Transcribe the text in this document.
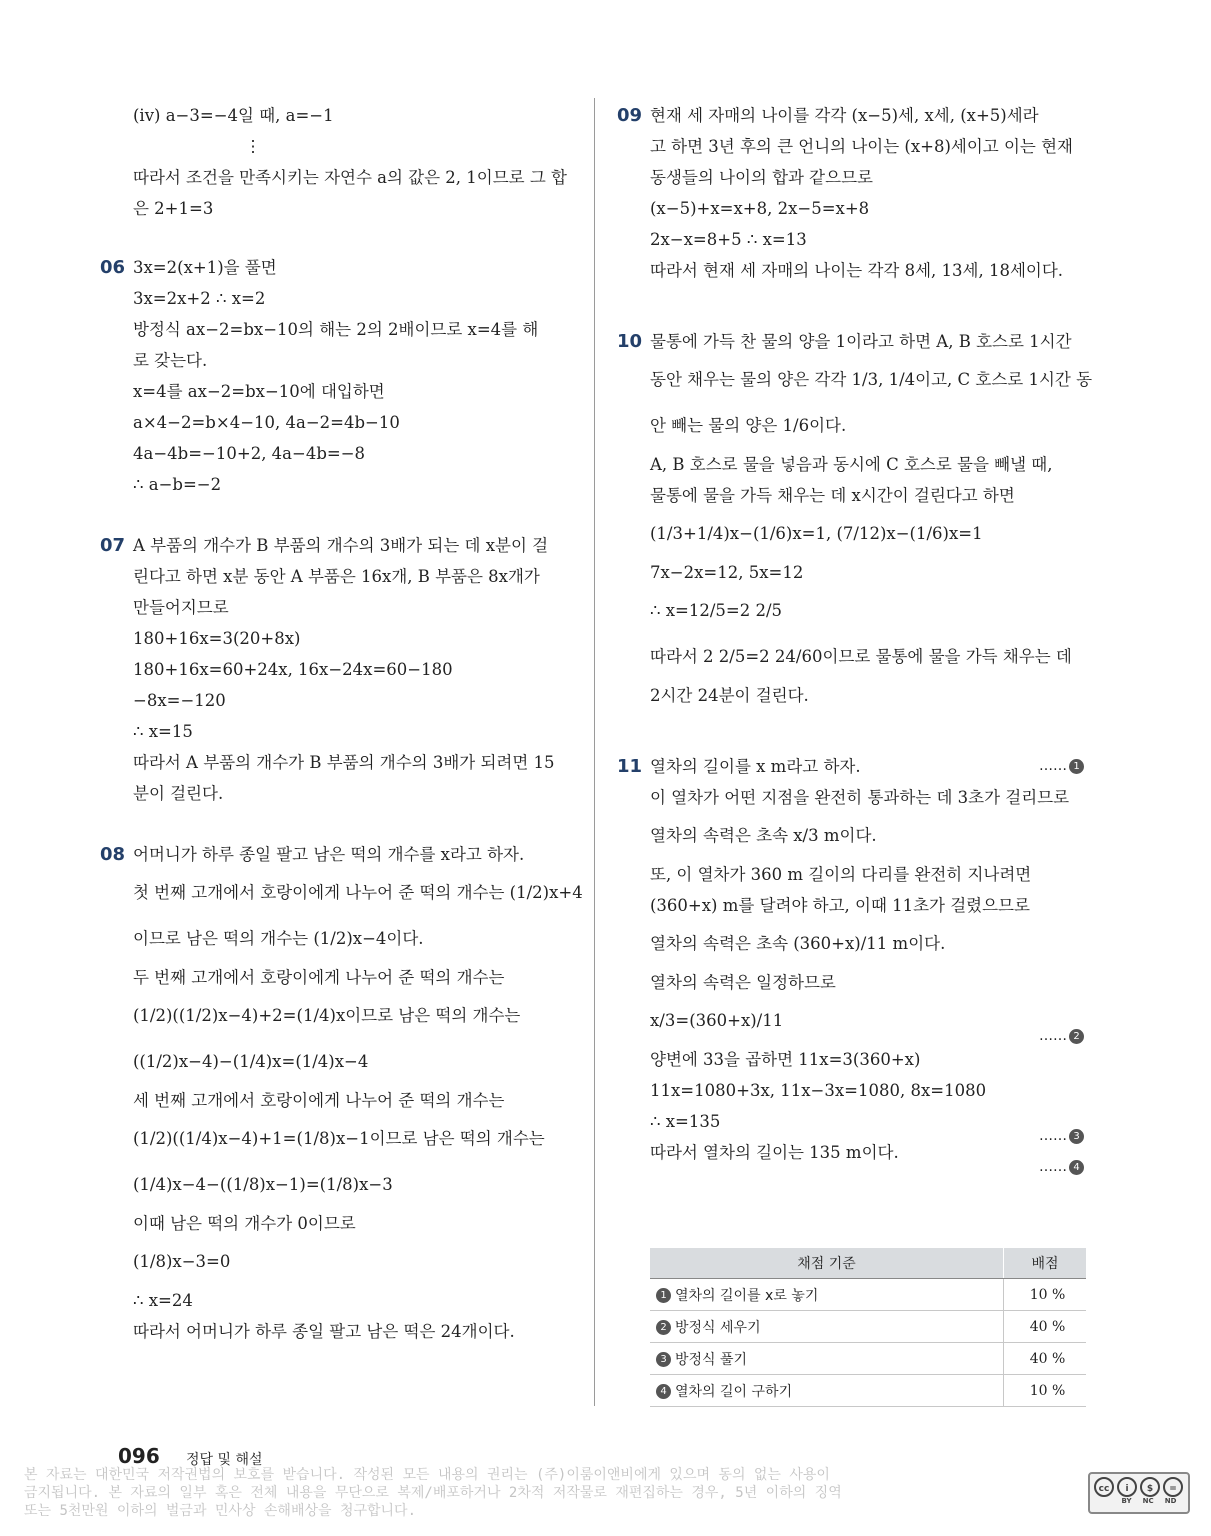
(iv) a−3=−4일 때, a=−1
⋮
따라서 조건을 만족시키는 자연수 a의 값은 2, 1이므로 그 합
은 2+1=3
06 3x=2(x+1)을 풀면
3x=2x+2 ∴ x=2
방정식 ax−2=bx−10의 해는 2의 2배이므로 x=4를 해
로 갖는다.
x=4를 ax−2=bx−10에 대입하면
a×4−2=b×4−10, 4a−2=4b−10
4a−4b=−10+2, 4a−4b=−8
∴ a−b=−2
07 A 부품의 개수가 B 부품의 개수의 3배가 되는 데 x분이 걸
린다고 하면 x분 동안 A 부품은 16x개, B 부품은 8x개가
만들어지므로
180+16x=3(20+8x)
180+16x=60+24x, 16x−24x=60−180
−8x=−120
∴ x=15
따라서 A 부품의 개수가 B 부품의 개수의 3배가 되려면 15
분이 걸린다.
08 어머니가 하루 종일 팔고 남은 떡의 개수를 x라고 하자.
첫 번째 고개에서 호랑이에게 나누어 준 떡의 개수는 (1/2)x+4
이므로 남은 떡의 개수는 (1/2)x−4이다.
두 번째 고개에서 호랑이에게 나누어 준 떡의 개수는
(1/2)((1/2)x−4)+2=(1/4)x이므로 남은 떡의 개수는
((1/2)x−4)−(1/4)x=(1/4)x−4
세 번째 고개에서 호랑이에게 나누어 준 떡의 개수는
(1/2)((1/4)x−4)+1=(1/8)x−1이므로 남은 떡의 개수는
(1/4)x−4−((1/8)x−1)=(1/8)x−3
이때 남은 떡의 개수가 0이므로
(1/8)x−3=0
∴ x=24
따라서 어머니가 하루 종일 팔고 남은 떡은 24개이다.
09 현재 세 자매의 나이를 각각 (x−5)세, x세, (x+5)세라
고 하면 3년 후의 큰 언니의 나이는 (x+8)세이고 이는 현재
동생들의 나이의 합과 같으므로
(x−5)+x=x+8, 2x−5=x+8
2x−x=8+5 ∴ x=13
따라서 현재 세 자매의 나이는 각각 8세, 13세, 18세이다.
10 물통에 가득 찬 물의 양을 1이라고 하면 A, B 호스로 1시간
동안 채우는 물의 양은 각각 1/3, 1/4이고, C 호스로 1시간 동
안 빼는 물의 양은 1/6이다.
A, B 호스로 물을 넣음과 동시에 C 호스로 물을 빼낼 때,
물통에 물을 가득 채우는 데 x시간이 걸린다고 하면
(1/3+1/4)x−(1/6)x=1, (7/12)x−(1/6)x=1
7x−2x=12, 5x=12
∴ x=12/5=2 2/5
따라서 2 2/5=2 24/60이므로 물통에 물을 가득 채우는 데
2시간 24분이 걸린다.
11 열차의 길이를 x m라고 하자.	…… 1
이 열차가 어떤 지점을 완전히 통과하는 데 3초가 걸리므로
열차의 속력은 초속 x/3 m이다.
또, 이 열차가 360 m 길이의 다리를 완전히 지나려면
(360+x) m를 달려야 하고, 이때 11초가 걸렸으므로
열차의 속력은 초속 (360+x)/11 m이다.
열차의 속력은 일정하므로
x/3=(360+x)/11
…… 2
양변에 33을 곱하면 11x=3(360+x)
11x=1080+3x, 11x−3x=1080, 8x=1080
∴ x=135
…… 3
따라서 열차의 길이는 135 m이다.
…… 4
채점 기준	배점
1 열차의 길이를 x로 놓기	10 %
2 방정식 세우기	40 %
3 방정식 풀기	40 %
4 열차의 길이 구하기	10 %
096 정답 및 해설
본 자료는 대한민국 저작권법의 보호를 받습니다. 작성된 모든 내용의 권리는 (주)이룸이앤비에게 있으며 동의 없는 사용이
금지됩니다. 본 자료의 일부 혹은 전체 내용을 무단으로 복제/배포하거나 2차적 저작물로 재편집하는 경우, 5년 이하의 징역
또는 5천만원 이하의 벌금과 민사상 손해배상을 청구합니다.
cc	i	$	=
BY NC ND
